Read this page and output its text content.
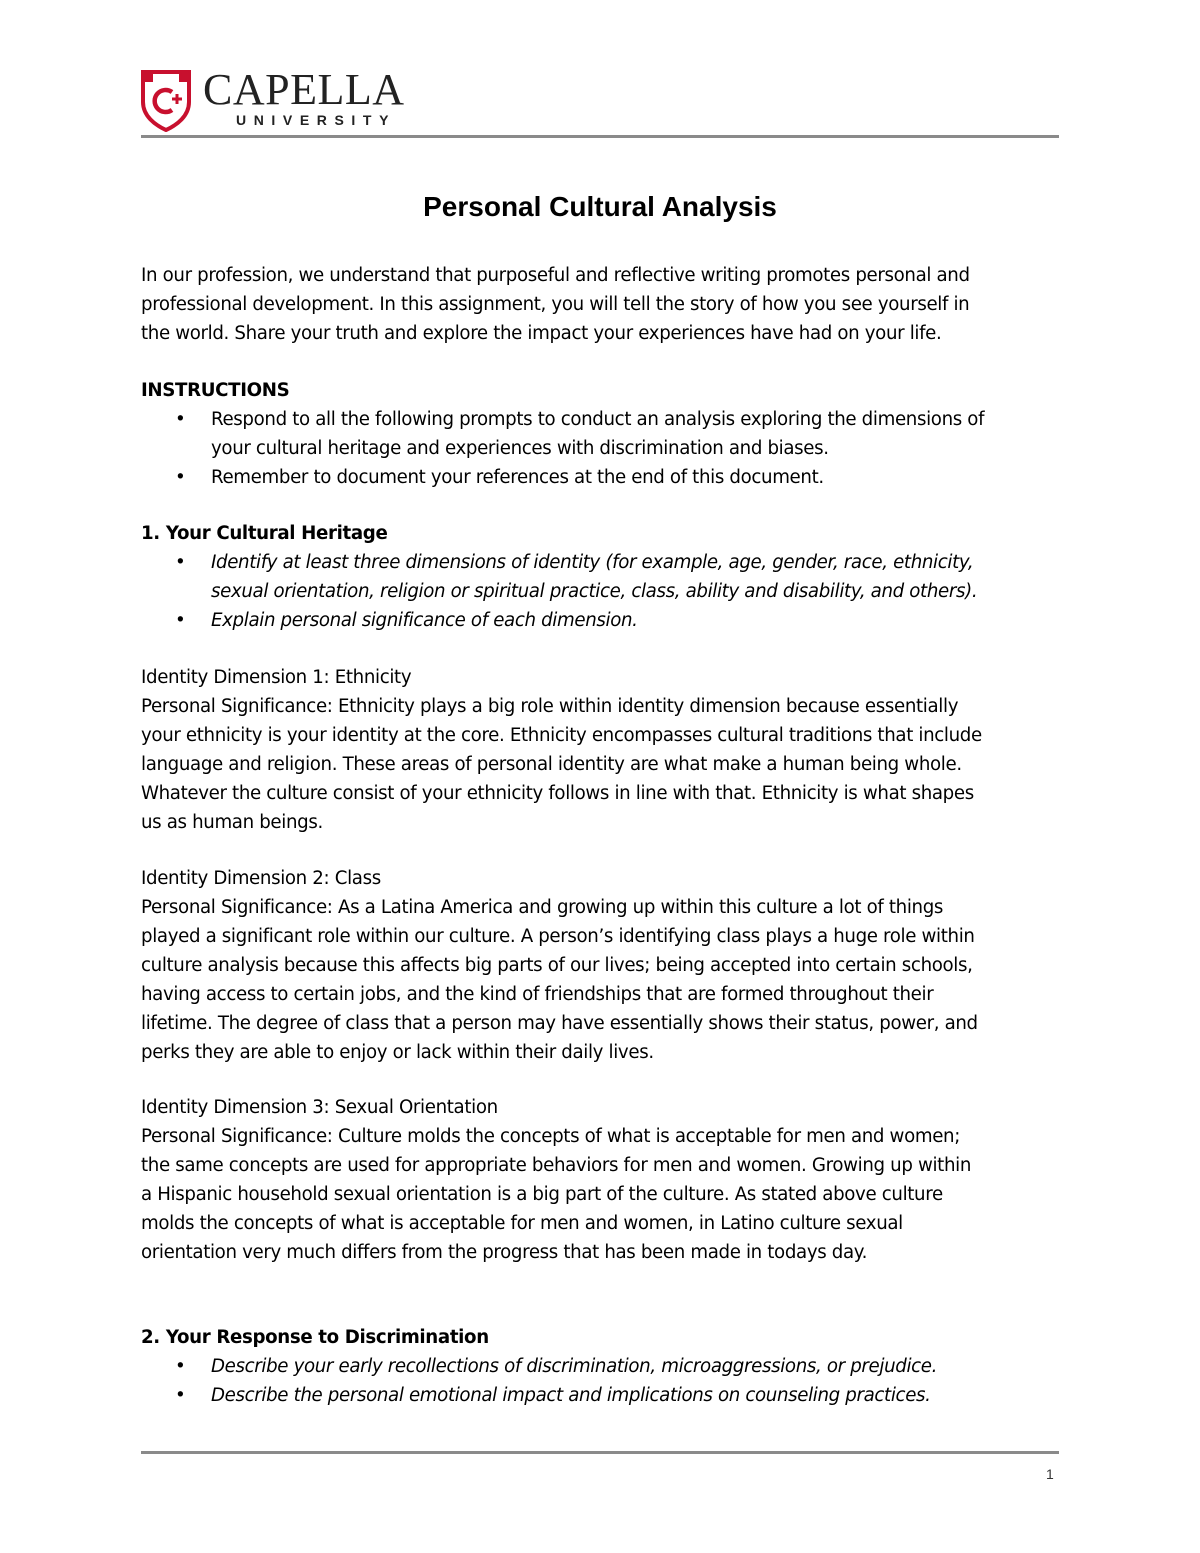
CAPELLA
UNIVERSITY
Personal Cultural Analysis

In our profession, we understand that purposeful and reflective writing promotes personal and

professional development. In this assignment, you will tell the story of how you see yourself in

the world. Share your truth and explore the impact your experiences have had on your life.

INSTRUCTIONS
• Respond to all the following prompts to conduct an analysis exploring the dimensions of
your cultural heritage and experiences with discrimination and biases.
• Remember to document your references at the end of this document.
1. Your Cultural Heritage
• Identify at least three dimensions of identity (for example, age, gender, race, ethnicity,
sexual orientation, religion or spiritual practice, class, ability and disability, and others).
• Explain personal significance of each dimension.

Identity Dimension 1: Ethnicity

Personal Significance: Ethnicity plays a big role within identity dimension because essentially

your ethnicity is your identity at the core. Ethnicity encompasses cultural traditions that include

language and religion. These areas of personal identity are what make a human being whole.

Whatever the culture consist of your ethnicity follows in line with that. Ethnicity is what shapes

us as human beings.

Identity Dimension 2: Class

Personal Significance: As a Latina America and growing up within this culture a lot of things

played a significant role within our culture. A person’s identifying class plays a huge role within

culture analysis because this affects big parts of our lives; being accepted into certain schools,

having access to certain jobs, and the kind of friendships that are formed throughout their

lifetime. The degree of class that a person may have essentially shows their status, power, and

perks they are able to enjoy or lack within their daily lives.

Identity Dimension 3: Sexual Orientation

Personal Significance: Culture molds the concepts of what is acceptable for men and women;

the same concepts are used for appropriate behaviors for men and women. Growing up within

a Hispanic household sexual orientation is a big part of the culture. As stated above culture

molds the concepts of what is acceptable for men and women, in Latino culture sexual

orientation very much differs from the progress that has been made in todays day.

2. Your Response to Discrimination
• Describe your early recollections of discrimination, microaggressions, or prejudice.
• Describe the personal emotional impact and implications on counseling practices.
1
